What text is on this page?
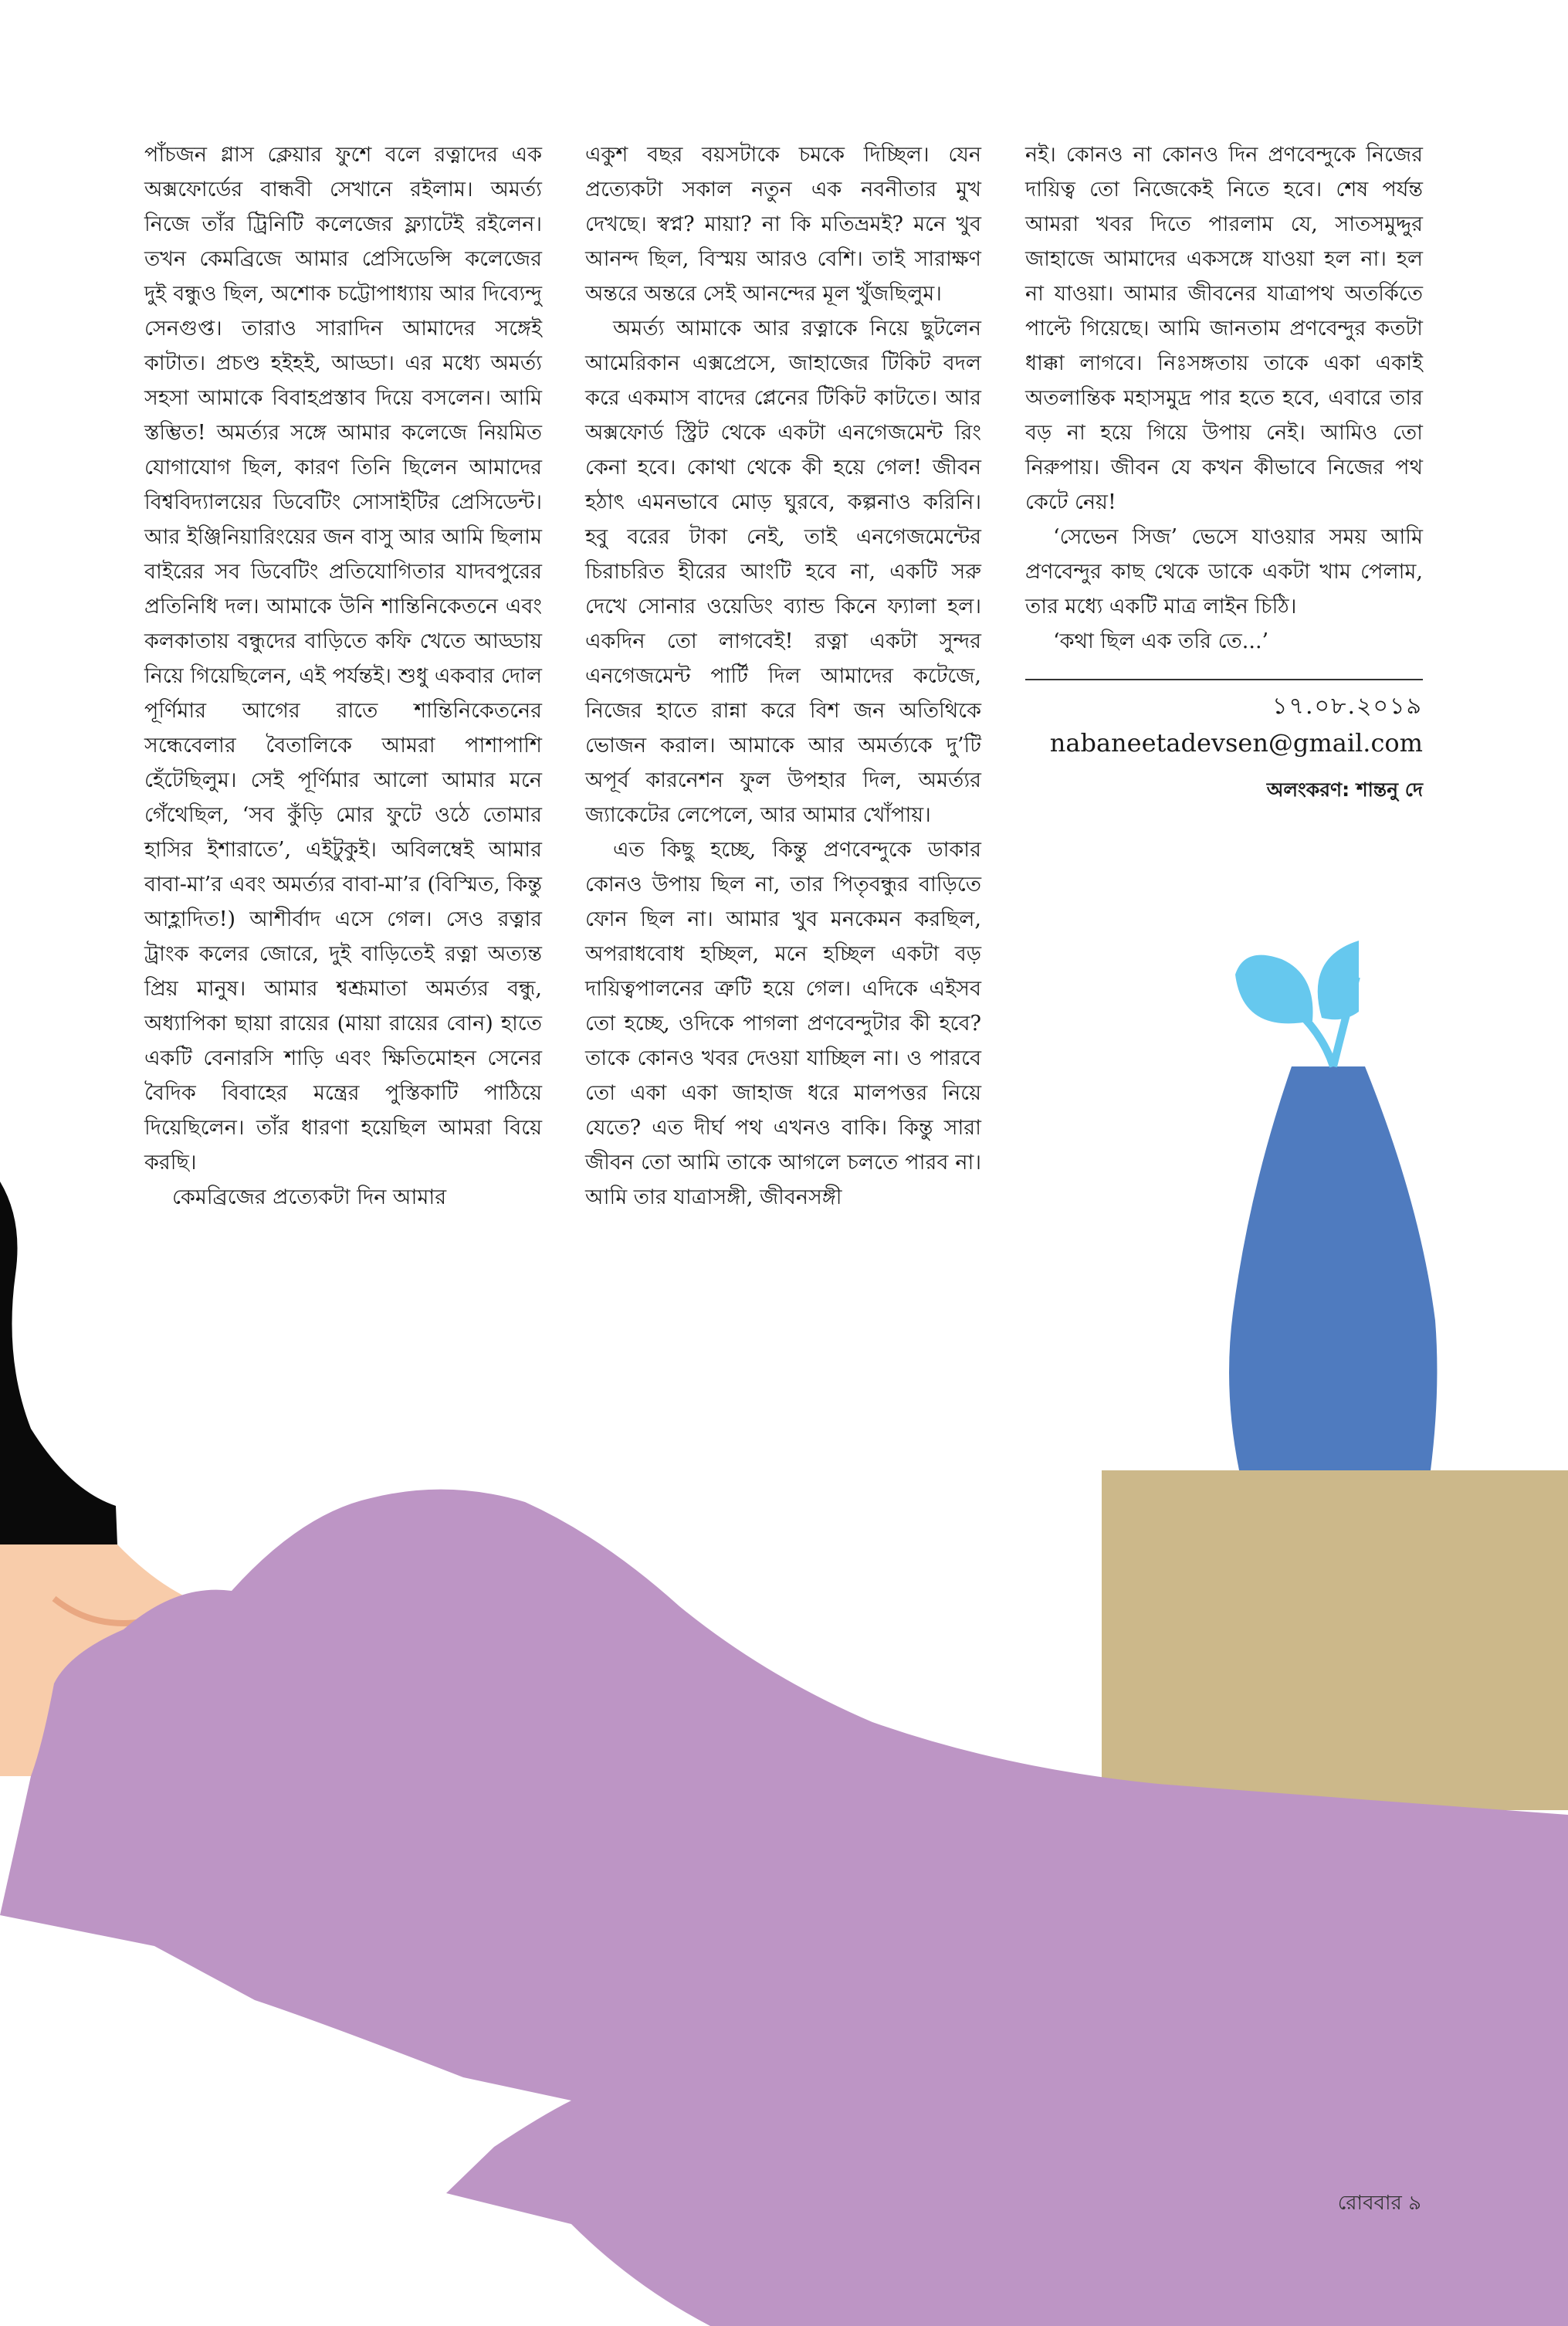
পাঁচজন গ্লাস ক্লেয়ার ফুশে বলে রত্নাদের এক অক্সফোর্ডের বান্ধবী সেখানে রইলাম। অমর্ত্য নিজে তাঁর ট্রিনিটি কলেজের ফ্ল্যাটেই রইলেন। তখন কেমব্রিজে আমার প্রেসিডেন্সি কলেজের দুই বন্ধুও ছিল, অশোক চট্টোপাধ্যায় আর দিব্যেন্দু সেনগুপ্ত। তারাও সারাদিন আমাদের সঙ্গেই কাটাত। প্রচণ্ড হইহই, আড্ডা। এর মধ্যে অমর্ত্য সহসা আমাকে বিবাহপ্রস্তাব দিয়ে বসলেন। আমি স্তম্ভিত! অমর্ত্যর সঙ্গে আমার কলেজে নিয়মিত যোগাযোগ ছিল, কারণ তিনি ছিলেন আমাদের বিশ্ববিদ্যালয়ের ডিবেটিং সোসাইটির প্রেসিডেন্ট। আর ইঞ্জিনিয়ারিংয়ের জন বাসু আর আমি ছিলাম বাইরের সব ডিবেটিং প্রতিযোগিতার যাদবপুরের প্রতিনিধি দল। আমাকে উনি শান্তিনিকেতনে এবং কলকাতায় বন্ধুদের বাড়িতে কফি খেতে আড্ডায় নিয়ে গিয়েছিলেন, এই পর্যন্তই। শুধু একবার দোল পূর্ণিমার আগের রাতে শান্তিনিকেতনের সন্ধেবেলার বৈতালিকে আমরা পাশাপাশি হেঁটেছিলুম। সেই পূর্ণিমার আলো আমার মনে গেঁথেছিল, ‘সব কুঁড়ি মোর ফুটে ওঠে তোমার হাসির ইশারাতে’, এইটুকুই। অবিলম্বেই আমার বাবা-মা’র এবং অমর্ত্যর বাবা-মা’র (বিস্মিত, কিন্তু আহ্লাদিত!) আশীর্বাদ এসে গেল। সেও রত্নার ট্রাংক কলের জোরে, দুই বাড়িতেই রত্না অত্যন্ত প্রিয় মানুষ। আমার শ্বশ্রূমাতা অমর্ত্যর বন্ধু, অধ্যাপিকা ছায়া রায়ের (মায়া রায়ের বোন) হাতে একটি বেনারসি শাড়ি এবং ক্ষিতিমোহন সেনের বৈদিক বিবাহের মন্ত্রের পুস্তিকাটি পাঠিয়ে দিয়েছিলেন। তাঁর ধারণা হয়েছিল আমরা বিয়ে করছি।

কেমব্রিজের প্রত্যেকটা দিন আমার

একুশ বছর বয়সটাকে চমকে দিচ্ছিল। যেন প্রত্যেকটা সকাল নতুন এক নবনীতার মুখ দেখছে। স্বপ্ন? মায়া? না কি মতিভ্রমই? মনে খুব আনন্দ ছিল, বিস্ময় আরও বেশি। তাই সারাক্ষণ অন্তরে অন্তরে সেই আনন্দের মূল খুঁজছিলুম।

অমর্ত্য আমাকে আর রত্নাকে নিয়ে ছুটলেন আমেরিকান এক্সপ্রেসে, জাহাজের টিকিট বদল করে একমাস বাদের প্লেনের টিকিট কাটতে। আর অক্সফোর্ড স্ট্রিট থেকে একটা এনগেজমেন্ট রিং কেনা হবে। কোথা থেকে কী হয়ে গেল! জীবন হঠাৎ এমনভাবে মোড় ঘুরবে, কল্পনাও করিনি। হবু বরের টাকা নেই, তাই এনগেজমেন্টের চিরাচরিত হীরের আংটি হবে না, একটি সরু দেখে সোনার ওয়েডিং ব্যান্ড কিনে ফ্যালা হল। একদিন তো লাগবেই! রত্না একটা সুন্দর এনগেজমেন্ট পার্টি দিল আমাদের কটেজে, নিজের হাতে রান্না করে বিশ জন অতিথিকে ভোজন করাল। আমাকে আর অমর্ত্যকে দু’টি অপূর্ব কারনেশন ফুল উপহার দিল, অমর্ত্যর জ্যাকেটের লেপেলে, আর আমার খোঁপায়।

এত কিছু হচ্ছে, কিন্তু প্রণবেন্দুকে ডাকার কোনও উপায় ছিল না, তার পিতৃবন্ধুর বাড়িতে ফোন ছিল না। আমার খুব মনকেমন করছিল, অপরাধবোধ হচ্ছিল, মনে হচ্ছিল একটা বড় দায়িত্বপালনের ত্রুটি হয়ে গেল। এদিকে এইসব তো হচ্ছে, ওদিকে পাগলা প্রণবেন্দুটার কী হবে? তাকে কোনও খবর দেওয়া যাচ্ছিল না। ও পারবে তো একা একা জাহাজ ধরে মালপত্তর নিয়ে যেতে? এত দীর্ঘ পথ এখনও বাকি। কিন্তু সারা জীবন তো আমি তাকে আগলে চলতে পারব না। আমি তার যাত্রাসঙ্গী, জীবনসঙ্গী

নই। কোনও না কোনও দিন প্রণবেন্দুকে নিজের দায়িত্ব তো নিজেকেই নিতে হবে। শেষ পর্যন্ত আমরা খবর দিতে পারলাম যে, সাতসমুদ্দুর জাহাজে আমাদের একসঙ্গে যাওয়া হল না। হল না যাওয়া। আমার জীবনের যাত্রাপথ অতর্কিতে পাল্টে গিয়েছে। আমি জানতাম প্রণবেন্দুর কতটা ধাক্কা লাগবে। নিঃসঙ্গতায় তাকে একা একাই অতলান্তিক মহাসমুদ্র পার হতে হবে, এবারে তার বড় না হয়ে গিয়ে উপায় নেই। আমিও তো নিরুপায়। জীবন যে কখন কীভাবে নিজের পথ কেটে নেয়!

‘সেভেন সিজ’ ভেসে যাওয়ার সময় আমি প্রণবেন্দুর কাছ থেকে ডাকে একটা খাম পেলাম, তার মধ্যে একটি মাত্র লাইন চিঠি।

‘কথা ছিল এক তরি তে...’

১৭.০৮.২০১৯
nabaneetadevsen@gmail.com
অলংকরণ: শান্তনু দে
রোববার ৯
